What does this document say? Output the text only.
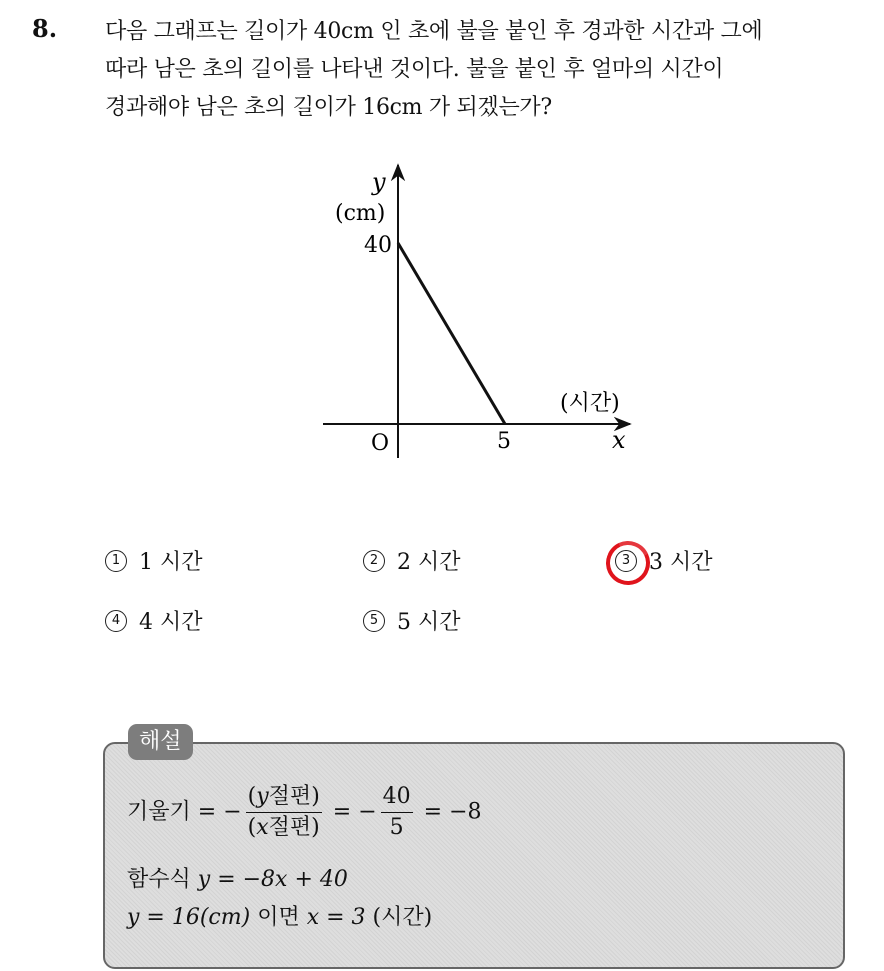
8. 다음 그래프는 길이가 40cm 인 초에 불을 붙인 후 경과한 시간과 그에
따라 남은 초의 길이를 나타낸 것이다. 불을 붙인 후 얼마의 시간이
경과해야 남은 초의 길이가 16cm 가 되겠는가?
y
(cm)
40
O	5
(시간)
x
1 1 시간	2 2 시간	3 3 시간
4 4 시간	5 5 시간
해설
기울기 = − $\frac{\text{(y절편)}}{\text{(x절편)}}$ = − $\frac{40}{5} = -8$
함수식 y = −8x + 40
y = 16(cm) 이면 x = 3 (시간)
